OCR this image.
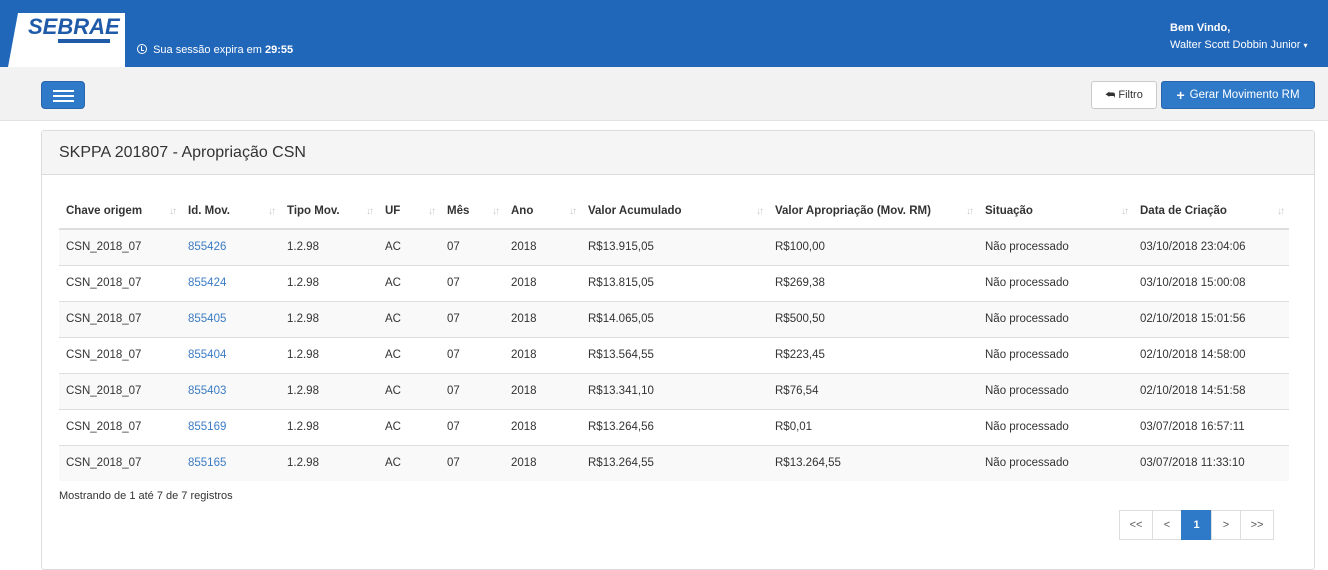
SEBRAE
Sua sessão expira em 29:55
Bem Vindo,
Walter Scott Dobbin Junior ▾
⮪ Filtro + Gerar Movimento RM
SKPPA 201807 - Apropriação CSN
Chave origem ↓↑	Id. Mov. ↓↑	Tipo Mov. ↓↑	UF ↓↑	Mês ↓↑	Ano ↓↑	Valor Acumulado ↓↑	Valor Apropriação (Mov. RM) ↓↑	Situação ↓↑	Data de Criação ↓↑

CSN_2018_07	855426	1.2.98	AC	07	2018	R$13.915,05	R$100,00	Não processado	03/10/2018 23:04:06
CSN_2018_07	855424	1.2.98	AC	07	2018	R$13.815,05	R$269,38	Não processado	03/10/2018 15:00:08
CSN_2018_07	855405	1.2.98	AC	07	2018	R$14.065,05	R$500,50	Não processado	02/10/2018 15:01:56
CSN_2018_07	855404	1.2.98	AC	07	2018	R$13.564,55	R$223,45	Não processado	02/10/2018 14:58:00
CSN_2018_07	855403	1.2.98	AC	07	2018	R$13.341,10	R$76,54	Não processado	02/10/2018 14:51:58
CSN_2018_07	855169	1.2.98	AC	07	2018	R$13.264,56	R$0,01	Não processado	03/07/2018 16:57:11
CSN_2018_07	855165	1.2.98	AC	07	2018	R$13.264,55	R$13.264,55	Não processado	03/07/2018 11:33:10
Mostrando de 1 até 7 de 7 registros
<<	<	1	>	>>
